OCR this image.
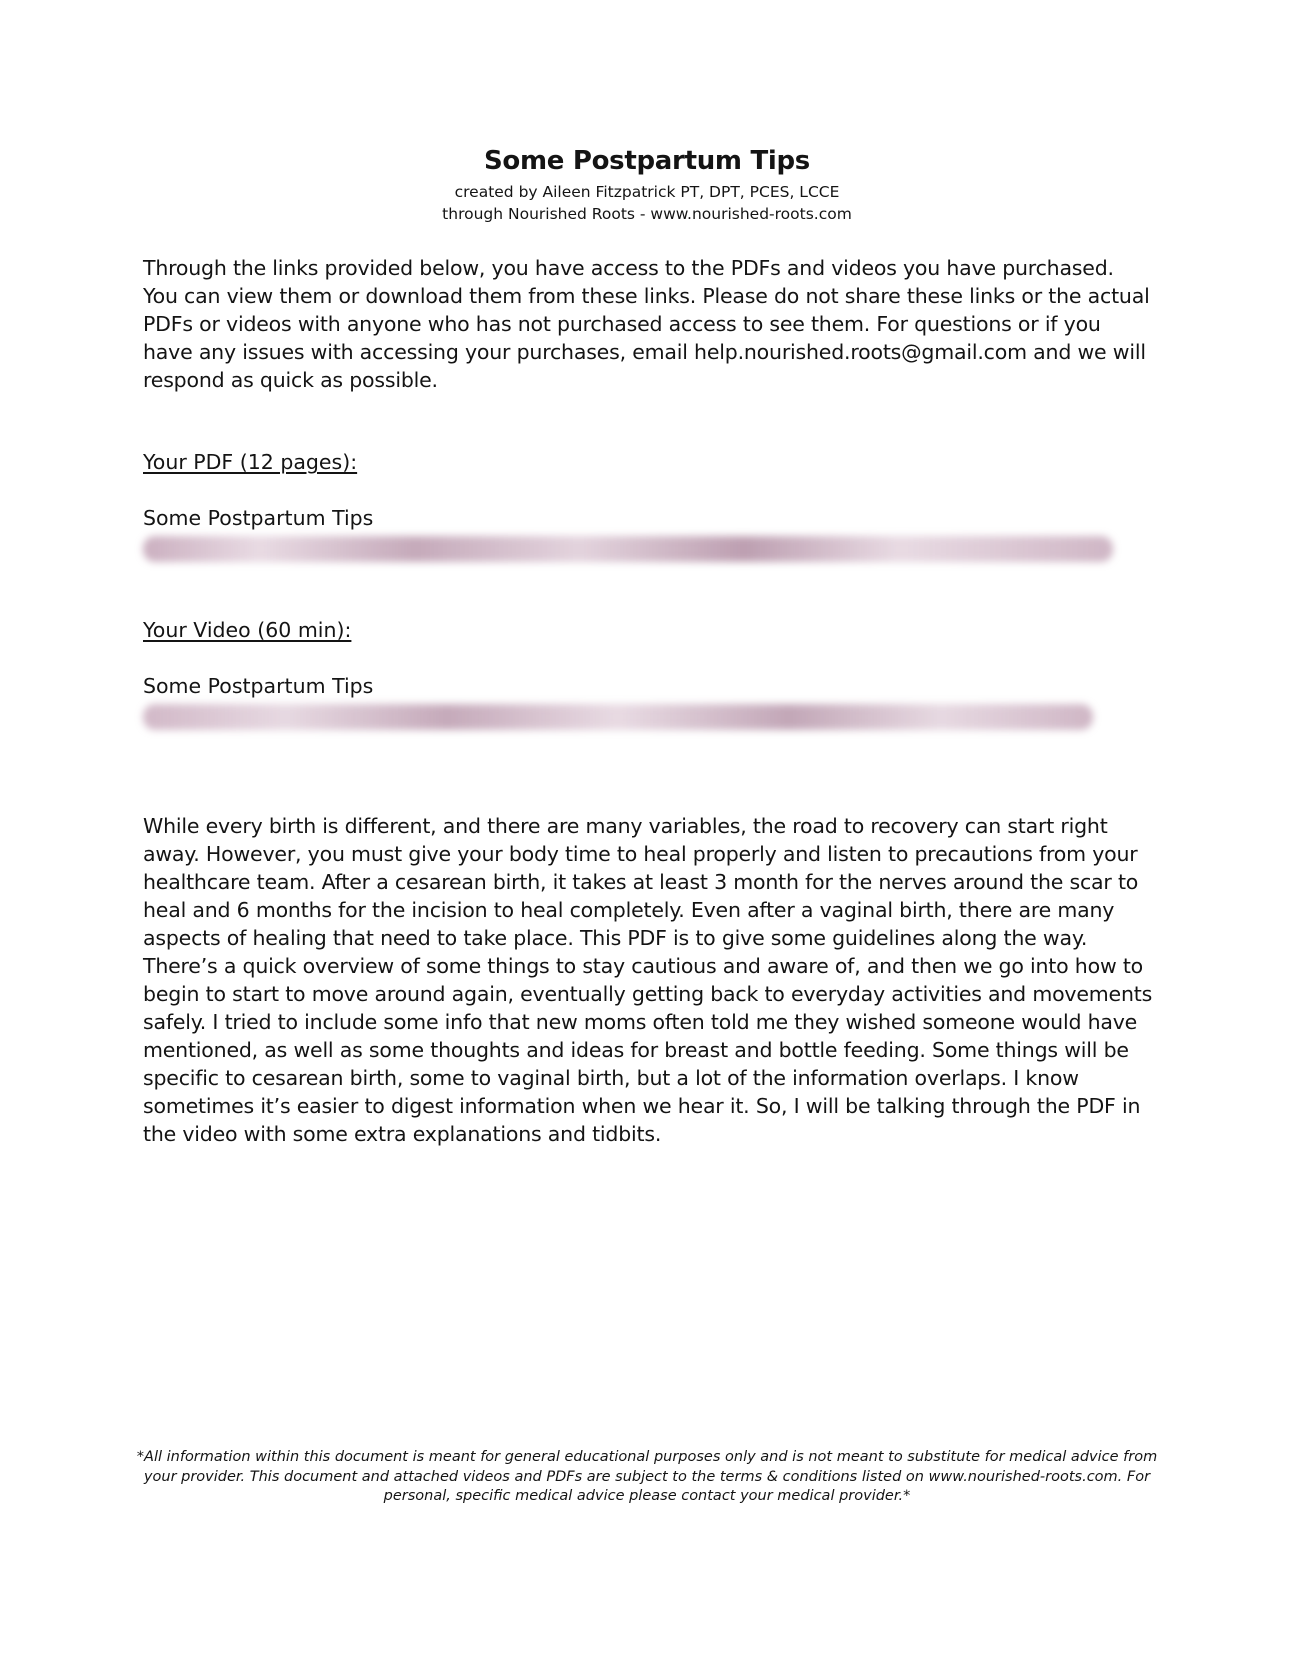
Some Postpartum Tips
created by Aileen Fitzpatrick PT, DPT, PCES, LCCE
through Nourished Roots - www.nourished-roots.com
Through the links provided below, you have access to the PDFs and videos you have purchased. You can view them or download them from these links. Please do not share these links or the actual PDFs or videos with anyone who has not purchased access to see them. For questions or if you have any issues with accessing your purchases, email help.nourished.roots@gmail.com and we will respond as quick as possible.
Your PDF (12 pages):
Some Postpartum Tips
Your Video (60 min):
Some Postpartum Tips
While every birth is different, and there are many variables, the road to recovery can start right away. However, you must give your body time to heal properly and listen to precautions from your healthcare team. After a cesarean birth, it takes at least 3 month for the nerves around the scar to heal and 6 months for the incision to heal completely. Even after a vaginal birth, there are many aspects of healing that need to take place. This PDF is to give some guidelines along the way. There’s a quick overview of some things to stay cautious and aware of, and then we go into how to begin to start to move around again, eventually getting back to everyday activities and movements safely. I tried to include some info that new moms often told me they wished someone would have mentioned, as well as some thoughts and ideas for breast and bottle feeding. Some things will be specific to cesarean birth, some to vaginal birth, but a lot of the information overlaps. I know sometimes it’s easier to digest information when we hear it. So, I will be talking through the PDF in the video with some extra explanations and tidbits.
*All information within this document is meant for general educational purposes only and is not meant to substitute for medical advice from your provider. This document and attached videos and PDFs are subject to the terms & conditions listed on www.nourished-roots.com. For personal, specific medical advice please contact your medical provider.*
